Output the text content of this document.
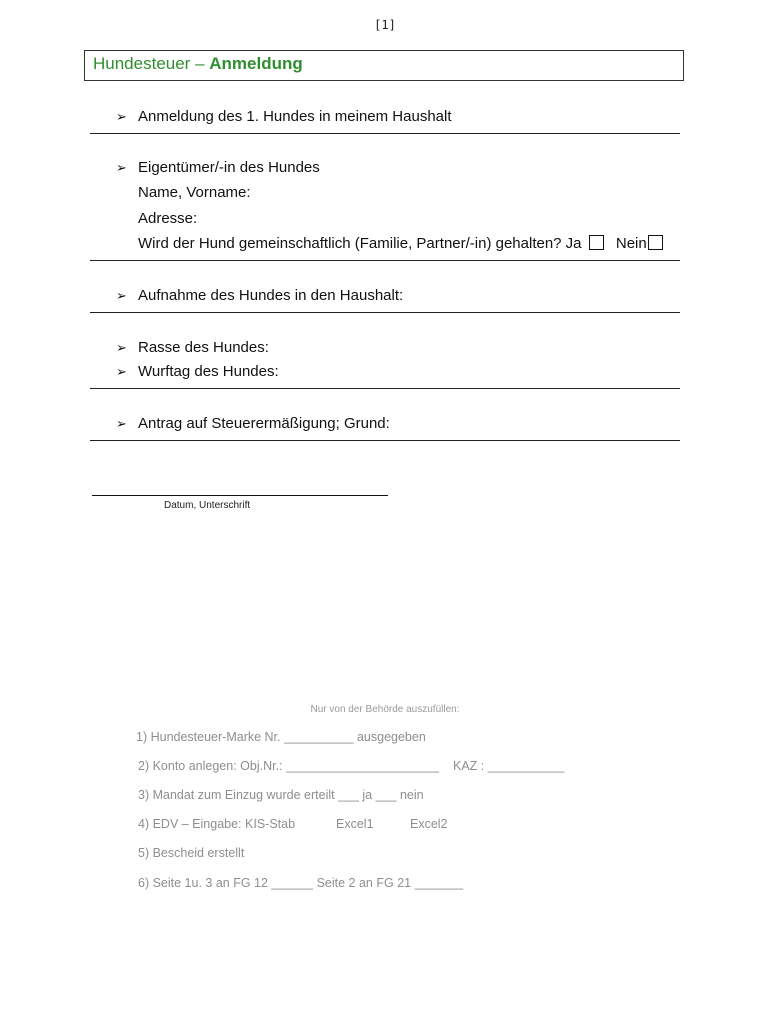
[1]
Hundesteuer – Anmeldung
➢ Anmeldung des 1. Hundes in meinem Haushalt
➢ Eigentümer/-in des Hundes
Name, Vorname:
Adresse:
Wird der Hund gemeinschaftlich (Familie, Partner/-in) gehalten? Ja Nein
➢ Aufnahme des Hundes in den Haushalt:
➢ Rasse des Hundes:
➢ Wurftag des Hundes:
➢ Antrag auf Steuerermäßigung; Grund:
Datum, Unterschrift
Nur von der Behörde auszufüllen:
1) Hundesteuer-Marke Nr. __________ ausgegeben
2) Konto anlegen: Obj.Nr.: ______________________ KAZ : ___________
3) Mandat zum Einzug wurde erteilt ___ ja ___ nein
4) EDV – Eingabe: KIS-Stab	Excel1	Excel2
5) Bescheid erstellt
6) Seite 1u. 3 an FG 12 ______ Seite 2 an FG 21 _______
